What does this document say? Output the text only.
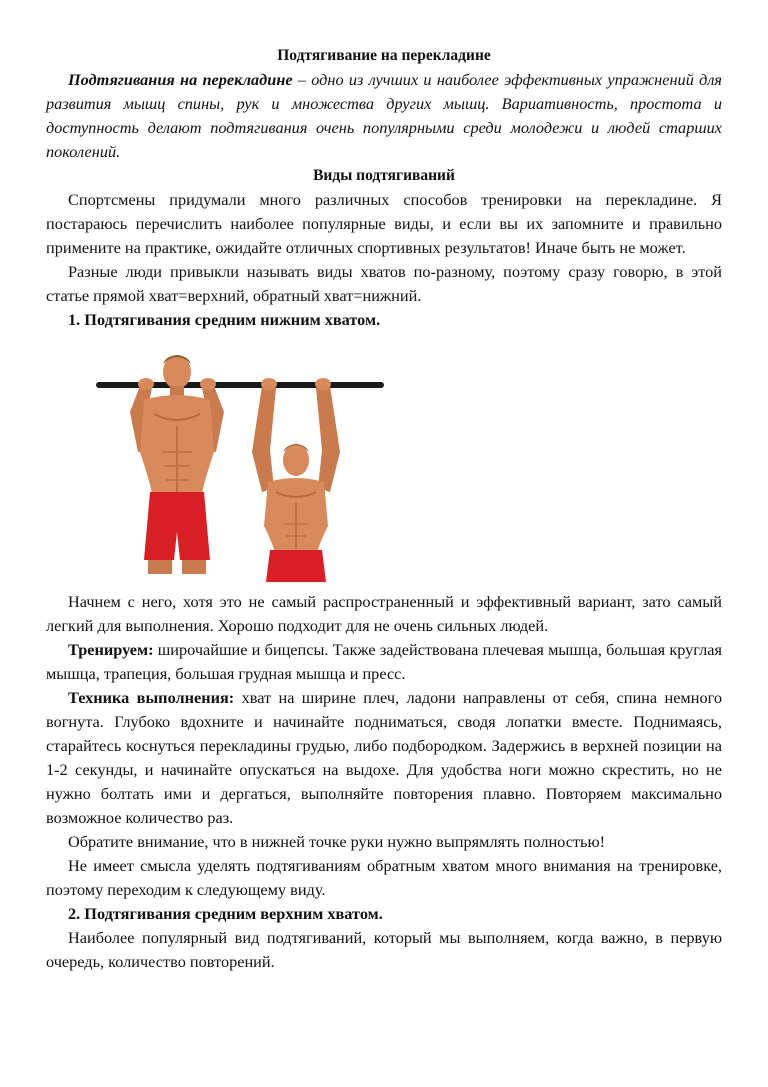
Подтягивание на перекладине

Подтягивания на перекладине – одно из лучших и наиболее эффективных упражнений для развития мышц спины, рук и множества других мышц. Вариативность, простота и доступность делают подтягивания очень популярными среди молодежи и людей старших поколений.

Виды подтягиваний

Спортсмены придумали много различных способов тренировки на перекладине. Я постараюсь перечислить наиболее популярные виды, и если вы их запомните и правильно примените на практике, ожидайте отличных спортивных результатов! Иначе быть не может.

Разные люди привыкли называть виды хватов по-разному, поэтому сразу говорю, в этой статье прямой хват=верхний, обратный хват=нижний.

1. Подтягивания средним нижним хватом.

Начнем с него, хотя это не самый распространенный и эффективный вариант, зато самый легкий для выполнения. Хорошо подходит для не очень сильных людей.

Тренируем: широчайшие и бицепсы. Также задействована плечевая мышца, большая круглая мышца, трапеция, большая грудная мышца и пресс.

Техника выполнения: хват на ширине плеч, ладони направлены от себя, спина немного вогнута. Глубоко вдохните и начинайте подниматься, сводя лопатки вместе. Поднимаясь, старайтесь коснуться перекладины грудью, либо подбородком. Задержись в верхней позиции на 1-2 секунды, и начинайте опускаться на выдохе. Для удобства ноги можно скрестить, но не нужно болтать ими и дергаться, выполняйте повторения плавно. Повторяем максимально возможное количество раз.

Обратите внимание, что в нижней точке руки нужно выпрямлять полностью!

Не имеет смысла уделять подтягиваниям обратным хватом много внимания на тренировке, поэтому переходим к следующему виду.

2. Подтягивания средним верхним хватом.

Наиболее популярный вид подтягиваний, который мы выполняем, когда важно, в первую очередь, количество повторений.
